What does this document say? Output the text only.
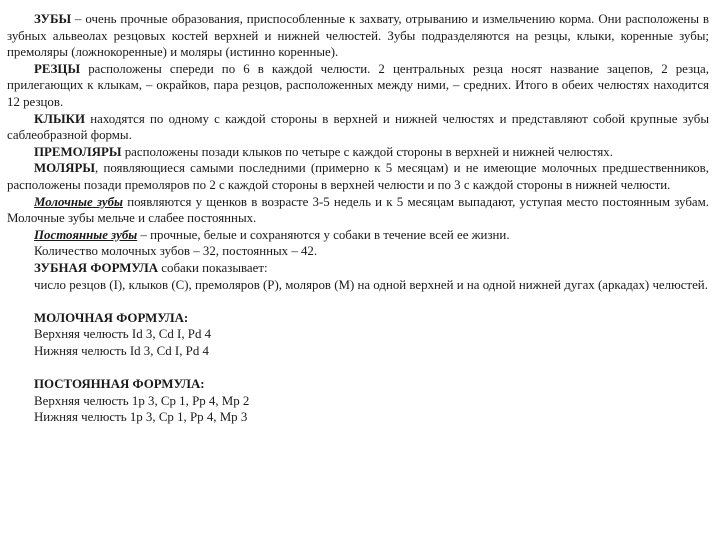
ЗУБЫ – очень прочные образования, приспособленные к захвату, отрыванию и измельчению корма. Они расположены в зубных альвеолах резцовых костей верхней и нижней челюстей. Зубы подразделяются на резцы, клыки, коренные зубы; премоляры (ложнокоренные) и моляры (истинно коренные).

РЕЗЦЫ расположены спереди по 6 в каждой челюсти. 2 центральных резца носят название зацепов, 2 резца, прилегающих к клыкам, – окрайков, пара резцов, расположенных между ними, – средних. Итого в обеих челюстях находится 12 резцов.

КЛЫКИ находятся по одному с каждой стороны в верхней и нижней челюстях и представляют собой крупные зубы саблеобразной формы.

ПРЕМОЛЯРЫ расположены позади клыков по четыре с каждой стороны в верхней и нижней челюстях.

МОЛЯРЫ, появляющиеся самыми последними (примерно к 5 месяцам) и не имеющие молочных предшественников, расположены позади премоляров по 2 с каждой стороны в верхней челюсти и по 3 с каждой стороны в нижней челюсти.

Молочные зубы появляются у щенков в возрасте 3-5 недель и к 5 месяцам выпадают, уступая место постоянным зубам. Молочные зубы мельче и слабее постоянных.

Постоянные зубы – прочные, белые и сохраняются у собаки в течение всей ее жизни.

Количество молочных зубов – 32, постоянных – 42.

ЗУБНАЯ ФОРМУЛА собаки показывает:

число резцов (I), клыков (С), премоляров (Р), моляров (М) на одной верхней и на одной нижней дугах (аркадах) челюстей.

МОЛОЧНАЯ ФОРМУЛА:

Верхняя челюсть Id 3, Cd I, Pd 4

Нижняя челюсть Id 3, Cd I, Pd 4

ПОСТОЯННАЯ ФОРМУЛА:

Верхняя челюсть 1р 3, Ср 1, Рр 4, Мр 2

Нижняя челюсть 1р 3, Ср 1, Рр 4, Мр 3
